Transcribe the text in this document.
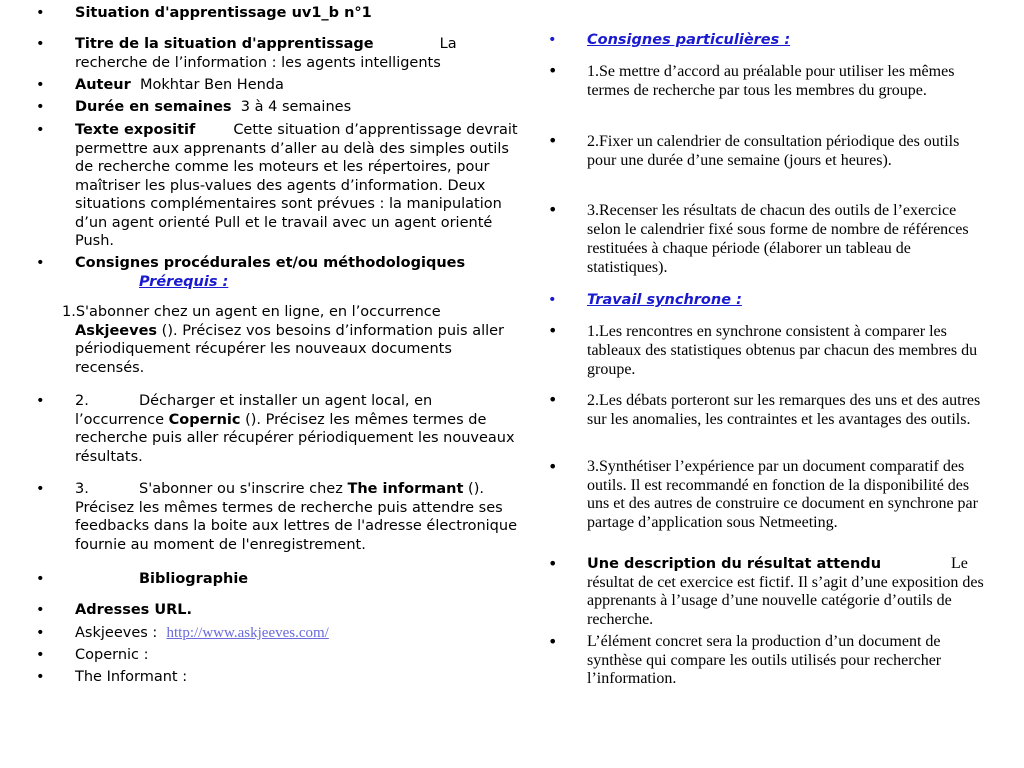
• Situation d'apprentissage uv1_b n°1
• Titre de la situation d'apprentissage	La
recherche de l’information : les agents intelligents
• Auteur Mokhtar Ben Henda
• Durée en semaines 3 à 4 semaines
• Texte expositif	Cette situation d’apprentissage devrait permettre aux apprenants d’aller au delà des simples outils de recherche comme les moteurs et les répertoires, pour maîtriser les plus-values des agents d’information. Deux situations complémentaires sont prévues : la manipulation d’un agent orienté Pull et le travail avec un agent orienté Push.
• Consignes procédurales et/ou méthodologiques
Prérequis :
1.S'abonner chez un agent en ligne, en l’occurrence
Askjeeves (). Précisez vos besoins d’information puis aller périodiquement récupérer les nouveaux documents recensés.
• 2.	Décharger et installer un agent local, en
l’occurrence Copernic (). Précisez les mêmes termes de recherche puis aller récupérer périodiquement les nouveaux résultats.
• 3.	S'abonner ou s'inscrire chez The informant ().
Précisez les mêmes termes de recherche puis attendre ses feedbacks dans la boite aux lettres de l'adresse électronique fournie au moment de l'enregistrement.
•	Bibliographie
• Adresses URL.
• Askjeeves : http://www.askjeeves.com/
• Copernic :
• The Informant :
• Consignes particulières :
• 1.Se mettre d’accord au préalable pour utiliser les mêmes termes de recherche par tous les membres du groupe.
• 2.Fixer un calendrier de consultation périodique des outils pour une durée d’une semaine (jours et heures).
• 3.Recenser les résultats de chacun des outils de l’exercice selon le calendrier fixé sous forme de nombre de références restituées à chaque période (élaborer un tableau de statistiques).
• Travail synchrone :
• 1.Les rencontres en synchrone consistent à comparer les tableaux des statistiques obtenus par chacun des membres du groupe.
• 2.Les débats porteront sur les remarques des uns et des autres sur les anomalies, les contraintes et les avantages des outils.
• 3.Synthétiser l’expérience par un document comparatif des outils. Il est recommandé en fonction de la disponibilité des uns et des autres de construire ce document en synchrone par partage d’application sous Netmeeting.
• Une description du résultat attendu	Le
résultat de cet exercice est fictif. Il s’agit d’une exposition des apprenants à l’usage d’une nouvelle catégorie d’outils de recherche.
• L’élément concret sera la production d’un document de synthèse qui compare les outils utilisés pour rechercher l’information.
